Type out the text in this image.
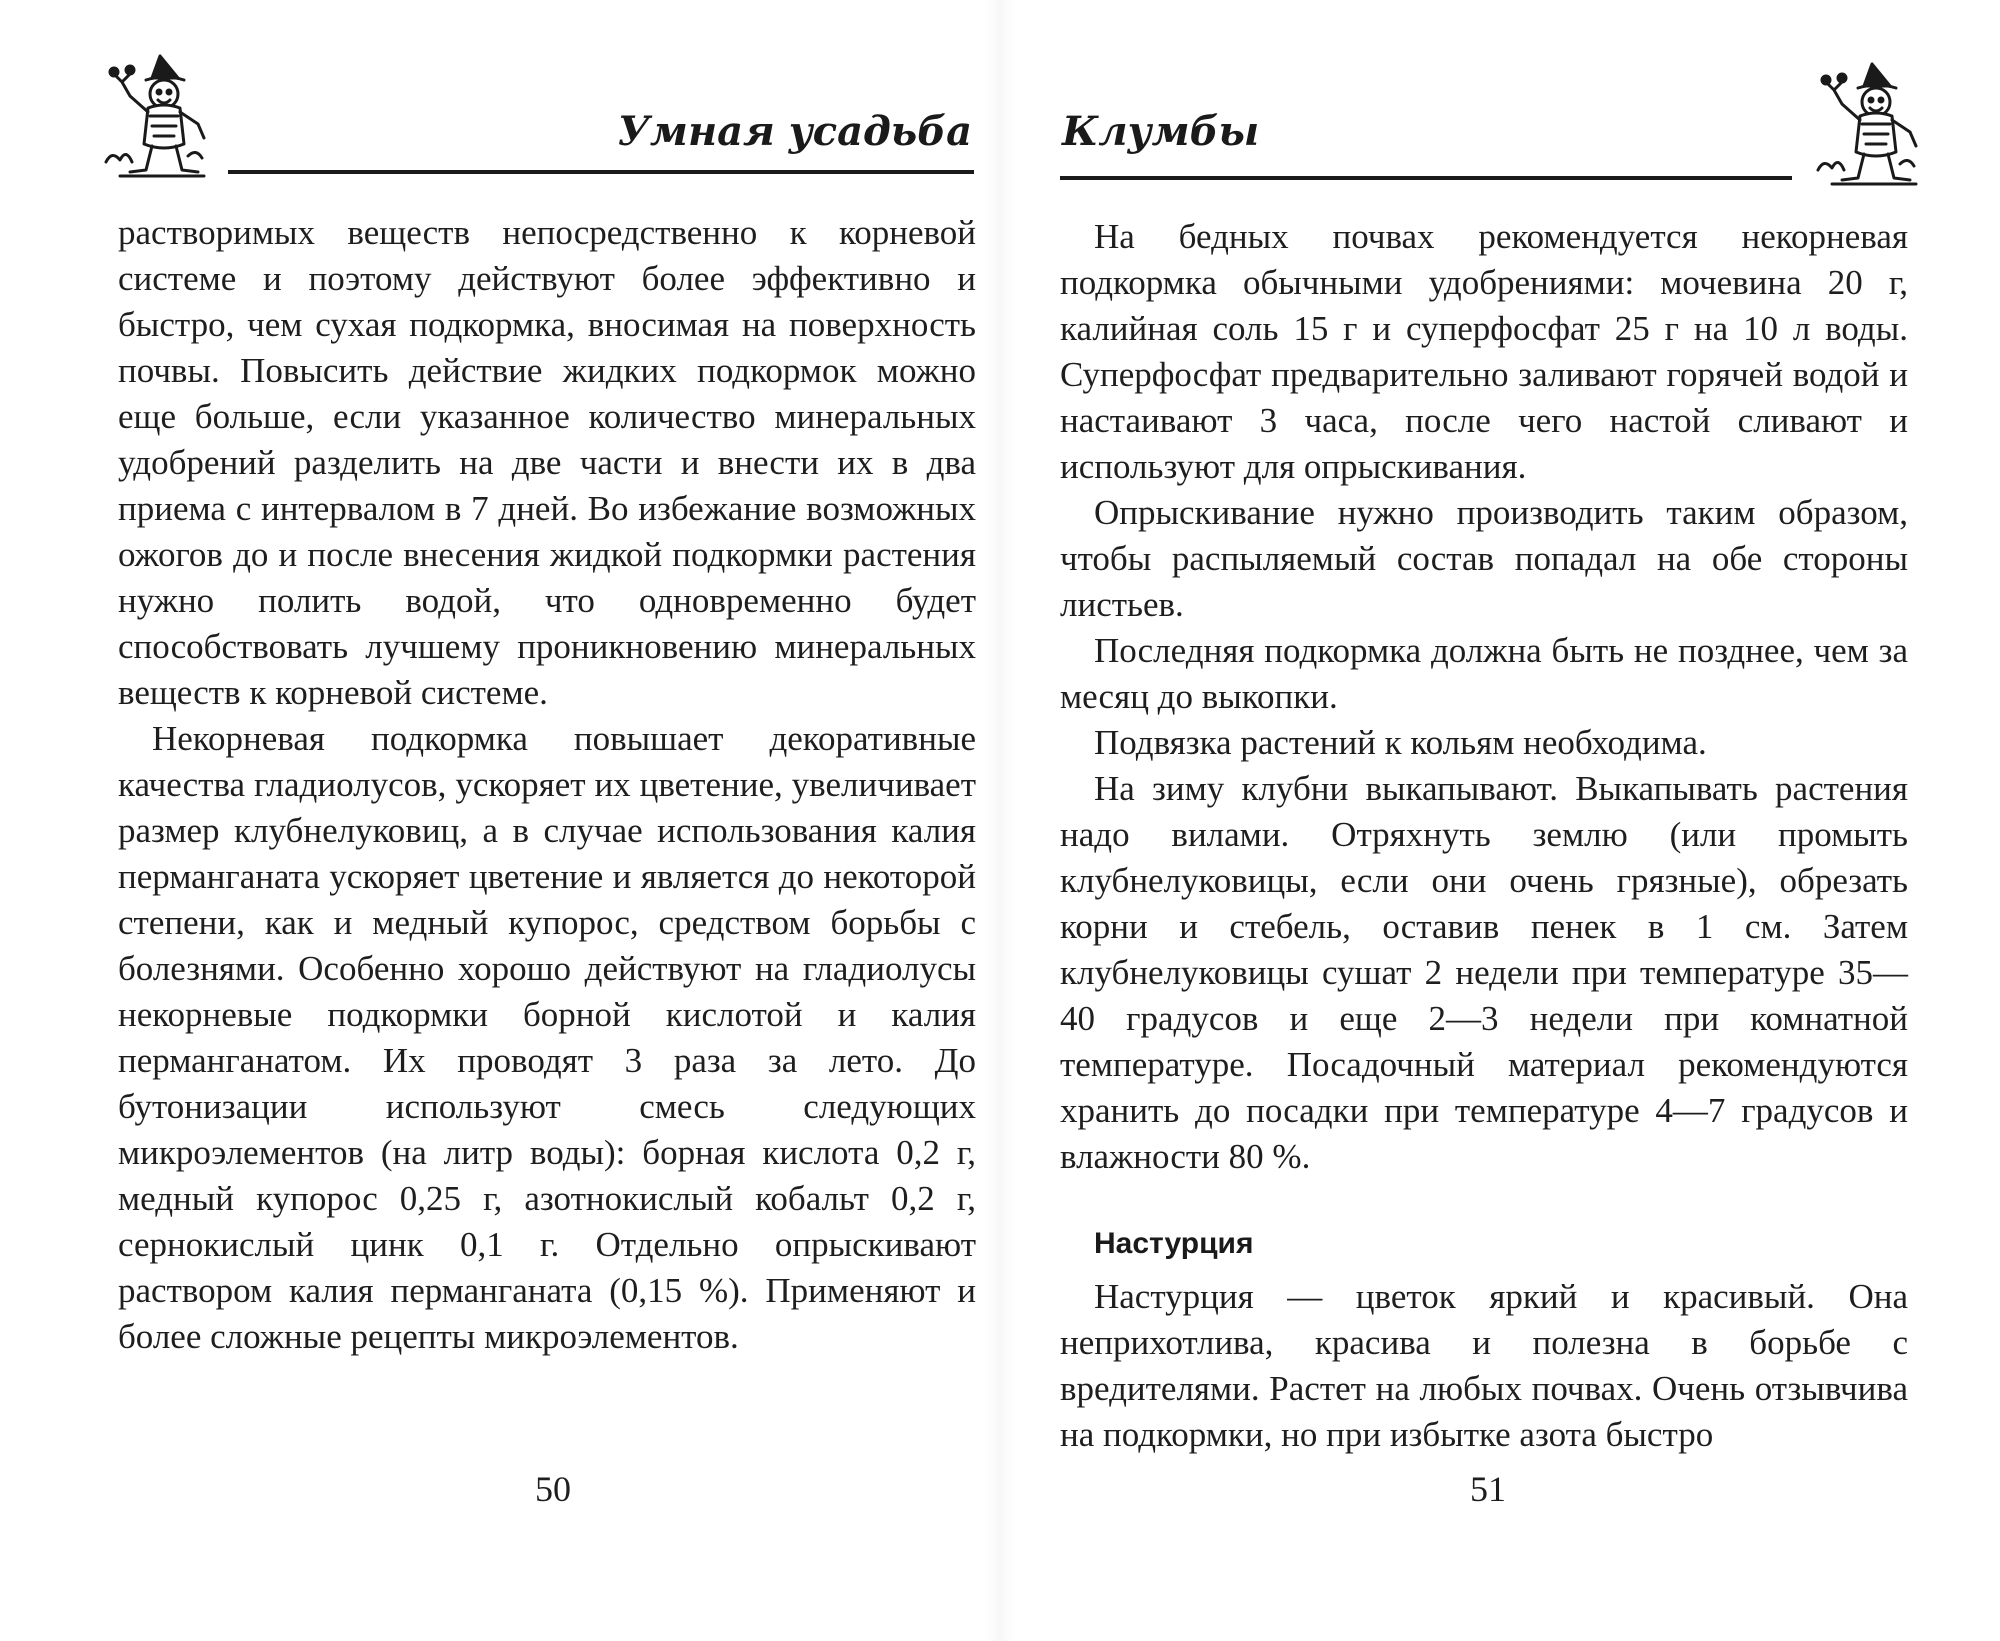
Умная усадьба

растворимых веществ непосредственно к корневой системе и поэтому действуют более эффективно и быстро, чем сухая подкормка, вносимая на поверхность почвы. Повысить действие жидких подкормок можно еще больше, если указанное количество минеральных удобрений разделить на две части и внести их в два приема с интервалом в 7 дней. Во избежание возможных ожогов до и после внесения жидкой подкормки растения нужно полить водой, что одновременно будет способствовать лучшему проникновению минеральных веществ к корневой системе.

Некорневая подкормка повышает декоративные качества гладиолусов, ускоряет их цветение, увеличивает размер клубнелуковиц, а в случае использования калия перманганата ускоряет цветение и является до некоторой степени, как и медный купорос, средством борьбы с болезнями. Особенно хорошо действуют на гладиолусы некорневые подкормки борной кислотой и калия перманганатом. Их проводят 3 раза за лето. До бутонизации используют смесь следующих микроэлементов (на литр воды): борная кислота 0,2 г, медный купорос 0,25 г, азотнокислый кобальт 0,2 г, сернокислый цинк 0,1 г. Отдельно опрыскивают раствором калия перманганата (0,15 %). Применяют и более сложные рецепты микроэлементов.

50
Клумбы

На бедных почвах рекомендуется некорневая подкормка обычными удобрениями: мочевина 20 г, калийная соль 15 г и суперфосфат 25 г на 10 л воды. Суперфосфат предварительно заливают горячей водой и настаивают 3 часа, после чего настой сливают и используют для опрыскивания.

Опрыскивание нужно производить таким образом, чтобы распыляемый состав попадал на обе стороны листьев.

Последняя подкормка должна быть не позднее, чем за месяц до выкопки.

Подвязка растений к кольям необходима.

На зиму клубни выкапывают. Выкапывать растения надо вилами. Отряхнуть землю (или промыть клубнелуковицы, если они очень грязные), обрезать корни и стебель, оставив пенек в 1 см. Затем клубнелуковицы сушат 2 недели при температуре 35—40 градусов и еще 2—3 недели при комнатной температуре. Посадочный материал рекомендуются хранить до посадки при температуре 4—7 градусов и влажности 80 %.

Настурция

Настурция — цветок яркий и красивый. Она неприхотлива, красива и полезна в борьбе с вредителями. Растет на любых почвах. Очень отзывчива на подкормки, но при избытке азота быстро

51
